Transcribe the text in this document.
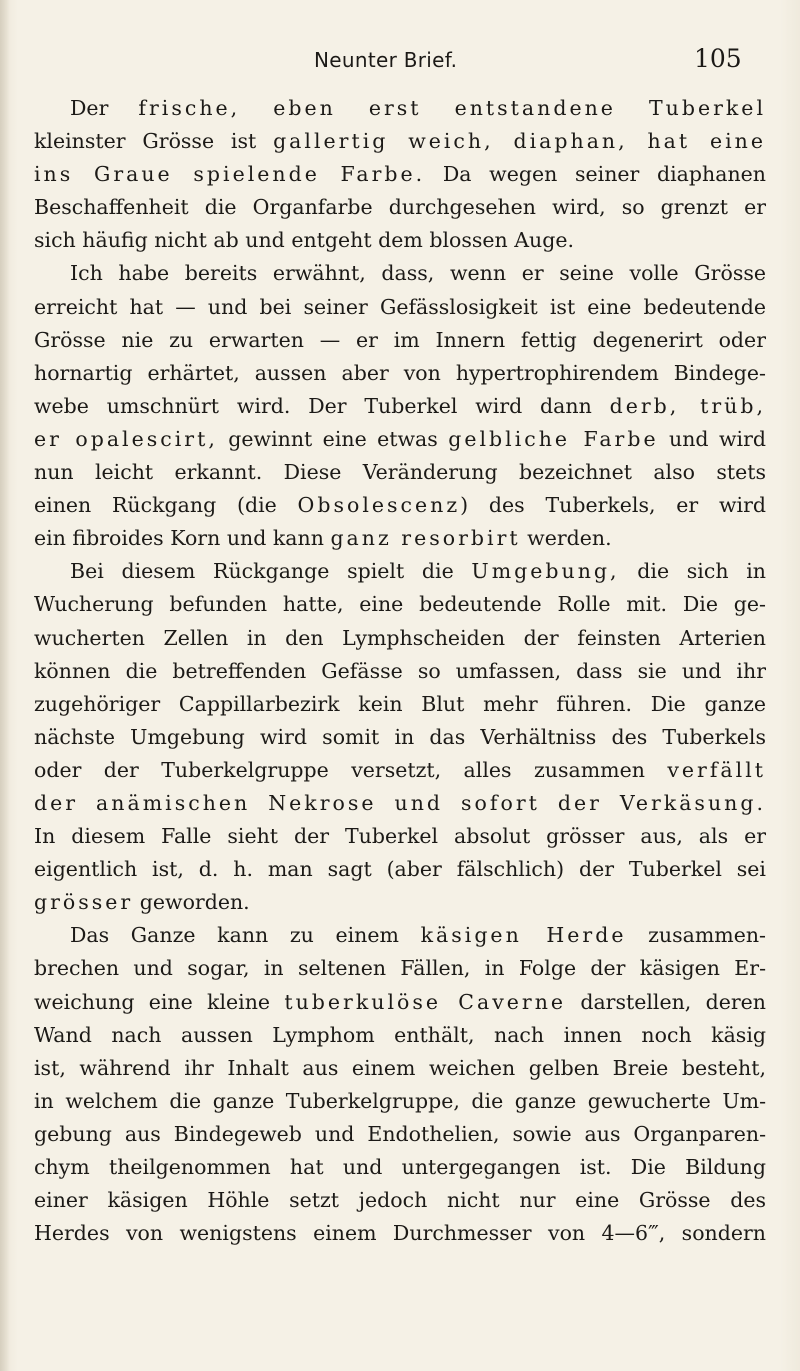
Neunter Brief.	105
Der frische, eben erst entstandene Tuberkel
kleinster Grösse ist gallertig weich, diaphan, hat eine
ins Graue spielende Farbe. Da wegen seiner diaphanen
Beschaffenheit die Organfarbe durchgesehen wird, so grenzt er
sich häufig nicht ab und entgeht dem blossen Auge.
Ich habe bereits erwähnt, dass, wenn er seine volle Grösse
erreicht hat — und bei seiner Gefässlosigkeit ist eine bedeutende
Grösse nie zu erwarten — er im Innern fettig degenerirt oder
hornartig erhärtet, aussen aber von hypertrophirendem Bindege-
webe umschnürt wird. Der Tuberkel wird dann derb, trüb,
er opalescirt, gewinnt eine etwas gelbliche Farbe und wird
nun leicht erkannt. Diese Veränderung bezeichnet also stets
einen Rückgang (die Obsolescenz) des Tuberkels, er wird
ein fibroides Korn und kann ganz resorbirt werden.
Bei diesem Rückgange spielt die Umgebung, die sich in
Wucherung befunden hatte, eine bedeutende Rolle mit. Die ge-
wucherten Zellen in den Lymphscheiden der feinsten Arterien
können die betreffenden Gefässe so umfassen, dass sie und ihr
zugehöriger Cappillarbezirk kein Blut mehr führen. Die ganze
nächste Umgebung wird somit in das Verhältniss des Tuberkels
oder der Tuberkelgruppe versetzt, alles zusammen verfällt
der anämischen Nekrose und sofort der Verkäsung.
In diesem Falle sieht der Tuberkel absolut grösser aus, als er
eigentlich ist, d. h. man sagt (aber fälschlich) der Tuberkel sei
grösser geworden.
Das Ganze kann zu einem käsigen Herde zusammen-
brechen und sogar, in seltenen Fällen, in Folge der käsigen Er-
weichung eine kleine tuberkulöse Caverne darstellen, deren
Wand nach aussen Lymphom enthält, nach innen noch käsig
ist, während ihr Inhalt aus einem weichen gelben Breie besteht,
in welchem die ganze Tuberkelgruppe, die ganze gewucherte Um-
gebung aus Bindegeweb und Endothelien, sowie aus Organparen-
chym theilgenommen hat und untergegangen ist. Die Bildung
einer käsigen Höhle setzt jedoch nicht nur eine Grösse des
Herdes von wenigstens einem Durchmesser von 4—6‴, sondern
